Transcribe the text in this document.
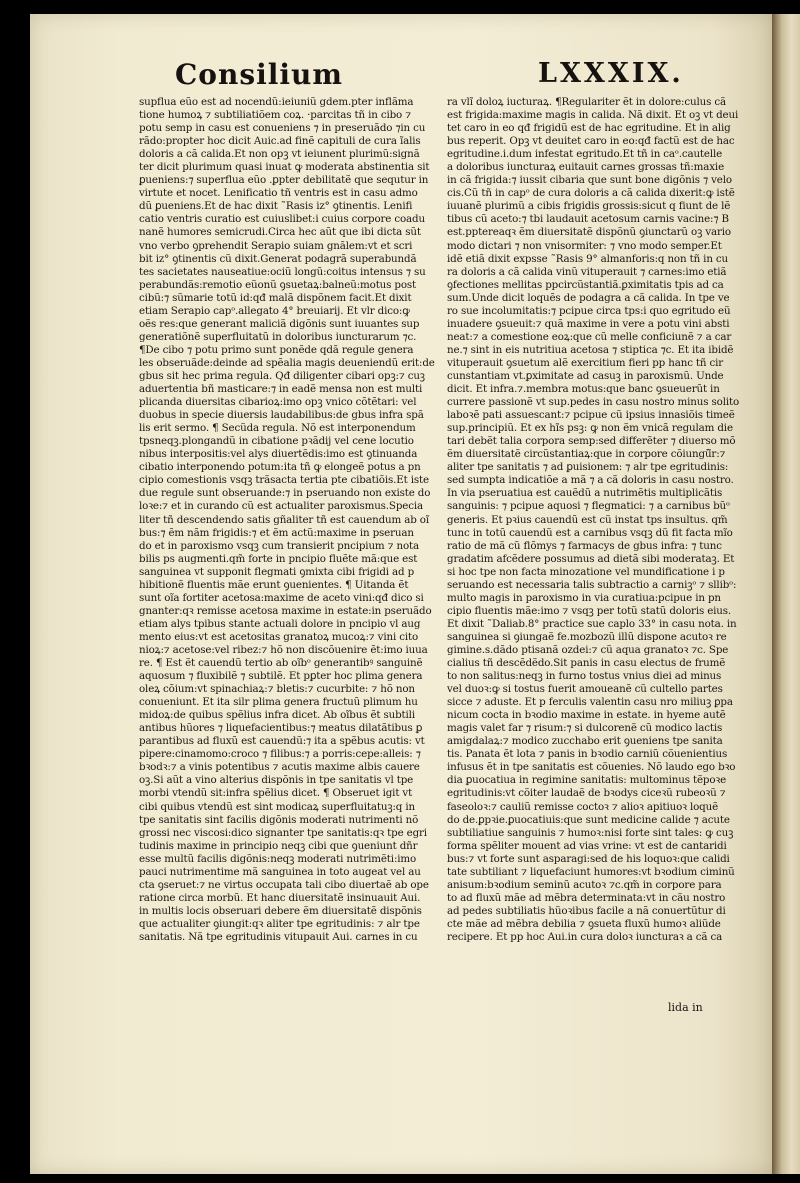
Consilium	LXXXIX.
supflua eũo est ad nocendũ:ieiuniũ gdem.pter inflãma
tione humoꝝ ⁊ subtiliatiõem coꝝ. ·parcitas tñ in cibo ⁊
potu semp in casu est conueniens ⁊ in preseruãdo ⁊in cu
rãdo:propter hoc dicit Auic.ad finẽ capituli de cura ĩalis
doloris a cã calida.Et non opꝫ vt ieiunent plurimũ:signã
ter dicit plurimum quasi inuat ꝙ moderata abstinentia sit
ꝑueniens:⁊ superflua eũo .ꝑpter debilitatẽ que sequtur in
virtute et nocet. Lenificatio tñ ventris est in casu admo
dũ ꝑueniens.Et de hac dixit ˜Rasis iz° ꝯtinentis. Lenifi
catio ventris curatio est cuiuslibet:i cuius corpore coadu
nanẽ humores semicrudi.Circa hec aũt que ibi dicta sũt
vno verbo ꝯprehendit Serapio suiam gnãlem:vt et scri
bit iz° ꝯtinentis cũ dixit.Generat podagrã superabundã
tes sacietates nauseatiue:ociũ longũ:coitus intensus ⁊ su
perabundãs:remotio eũonũ ꝯsuetaꝝ:balneũ:motus post
cibũ:⁊ sũmarie totũ id:qđ malã dispõnem facit.Et dixit
etiam Serapio capᵒ.allegato 4° breuiarij. Et vlr dico:ꝙ
oẽs res:que generant maliciã digõnis sunt iuuantes sup
generatiõnẽ superfluitatũ in doloribus iuncturarum ⁊c.
¶De cibo ⁊ potu primo sunt ponẽde qdã regule genera
les obseruãde:deinde ad spẽalia magis deueniendũ erit:de
gbus sit hec prima regula. Qđ diligenter cibari opꝫ:⁊ cuꝫ
aduertentia bñ masticare:⁊ in eadẽ mensa non est multi
plicanda diuersitas cibarioꝝ:imo opꝫ vnico cõtẽtari: vel
duobus in specie diuersis laudabilibus:de gbus infra spã
lis erit sermo. ¶ Secũda regula. Nõ est interponendum
tpsneqꝫ.plongandũ in cibatione pꝛãdij vel cene locutio
nibus interpositis:vel alys diuertẽdis:imo est ꝯtinuanda
cibatio interponendo potum:ita tñ ꝙ elongeẽ potus a pn
cipio comestionis vsqꝫ trãsacta tertia pte cibatiõis.Et iste
due regule sunt obseruande:⁊ in pseruando non existe do
loꝛe:⁊ et in curando cũ est actualiter paroxismus.Specia
liter tñ descendendo satis gñaliter tñ est cauendum ab oĩ
bus:⁊ ẽm nãm frigidis:⁊ et ẽm actũ:maxime in pseruan
do et in paroxismo vsqꝫ cum transierit pncipium ⁊ nota
bilis ps augmenti.qm̃ forte in pncipio fluẽte mã:que est
sanguinea vt supponit flegmati ꝯmixta cibi frigidi ad p
hibitionẽ fluentis mãe erunt ꝯuenientes. ¶ Uitanda ẽt
sunt oĩa fortiter acetosa:maxime de aceto vini:qđ dico si
gnanter:qꝛ remisse acetosa maxime in estate:in pseruãdo
etiam alys tpibus stante actuali dolore in pncipio vl aug
mento eius:vt est acetositas granatoꝝ mucoꝝ:⁊ vini cito
nioꝝ:⁊ acetose:vel ribez:⁊ hõ non discõuenire ẽt:imo iuua
re. ¶ Est ẽt cauendũ tertio ab oĩbᵒ generantibꝰ sanguinẽ
aquosum ⁊ fluxibilẽ ⁊ subtilẽ. Et pꝑter hoc plima genera
oleꝝ cõium:vt spinachiaꝝ:⁊ bletis:⁊ cucurbite: ⁊ hõ non
conueniunt. Et ita silr plima genera fructuũ plimum hu
midoꝝ:de quibus spẽlius infra dicet. Ab oĩbus ẽt subtili
antibus hũores ⁊ liquefacientibus:⁊ meatus dilatãtibus ꝑ
parantibus ad fluxũ est cauendũ:⁊ ita a spẽbus acutis: vt
pipere:cinamomo:croco ⁊ filibus:⁊ a porris:cepe:alleis: ⁊
bꝛodꝛ:⁊ a vinis potentibus ⁊ acutis maxime albis cauere
oꝫ.Si aũt a vino alterius dispõnis in tpe sanitatis vl tpe
morbi vtendũ sit:infra spẽlius dicet. ¶ Obseruet igit vt
cibi quibus vtendũ est sint modicaꝝ superfluitatuꝫ:q in
tpe sanitatis sint facilis digõnis moderati nutrimenti nõ
grossi nec viscosi:dico signanter tpe sanitatis:qꝛ tpe egri
tudinis maxime in principio neqꝫ cibi que ꝯueniunt dñr
esse multũ facilis digõnis:neqꝫ moderati nutrimẽti:imo
pauci nutrimentime mã sanguinea in toto augeat vel au
cta ꝯseruet:⁊ ne virtus occupata tali cibo diuertaẽ ab ope
ratione circa morbũ. Et hanc diuersitatẽ insinuauit Aui.
in multis locis obseruari debere ẽm diuersitatẽ dispõnis
que actualiter ꝯiungit:qꝛ aliter tpe egritudinis: ⁊ alr tpe
sanitatis. Nã tpe egritudinis vitupauit Aui. carnes in cu
ra vlĩ doloꝝ iucturaꝝ. ¶Regulariter ẽt in dolore:culus cã
est frigida:maxime magis in calida. Nã dixit. Et oꝫ vt deui
tet caro in eo qđ frigidũ est de hac egritudine. Et in alig
bus reperit. Opꝫ vt deuitet caro in eo:qđ factũ est de hac
egritudine.i.dum infestat egritudo.Et tñ in caᵒ.cautelle
a doloribus iuncturaꝝ euitauit carnes grossas tñ:maxie
in cã frigida:⁊ iussit cibaria que sunt bone digõnis ⁊ velo
cis.Cũ tñ in capᵒ de cura doloris a cã calida dixerit:ꝙ istẽ
iuuanẽ plurimũ a cibis frigidis grossis:sicut q fiunt de lẽ
tibus cũ aceto:⁊ tbi laudauit acetosum carnis vacine:⁊ B
est.pptereaqꝛ ẽm diuersitatẽ dispõnũ ꝯiunctarũ oꝫ vario
modo dictari ⁊ non vnisormiter: ⁊ vno modo semper.Et
idẽ etiã dixit expsse ˜Rasis 9° almanforis:q non tñ in cu
ra doloris a cã calida vinũ vituperauit ⁊ carnes:imo etiã
ꝯfectiones mellitas ppcircũstantiã.ꝑximitatis tpis ad ca
sum.Unde dicit loquẽs de podagra a cã calida. In tpe ve
ro sue incolumitatis:⁊ pcipue circa tps:i quo egritudo eũ
inuadere ꝯsueuit:⁊ quã maxime in vere a potu vini absti
neat:⁊ a comestione eoꝝ:que cũ melle conficiunẽ ⁊ a car
ne.⁊ sint in eis nutritiua acetosa ⁊ stiptica ⁊c. Et ita ibidẽ
vituperauit ꝯsuetum alẽ exercitium fieri pp hanc tñ cir
cunstantiam vt.ꝑximitate ad casuꝫ in paroxismũ. Unde
dicit. Et infra.⁊.membra motus:que banc ꝯsueuerũt in
currere passionẽ vt sup.pedes in casu nostro minus solito
laboꝛẽ pati assuescant:⁊ pcipue cũ ipsius innasiõis timeẽ
sup.principiũ. Et ex hĩs psꝫ: ꝙ non ẽm vnicã regulam die
tari debẽt talia corpora semp:sed differẽter ⁊ diuerso mõ
ẽm diuersitatẽ circũstantiaꝝ:que in corpore cõiungũ̃r:⁊
aliter tpe sanitatis ⁊ ad ꝑuisionem: ⁊ alr tpe egritudinis:
sed sumpta indicatiõe a mã ⁊ a cã doloris in casu nostro.
In via pseruatiua est cauẽdũ a nutrimẽtis multiplicãtis
sanguinis: ⁊ pcipue aquosi ⁊ flegmatici: ⁊ a carnibus bũᵒ
generis. Et pꝛius cauendũ est cũ instat tps insultus. qm̃
tunc in totũ cauendũ est a carnibus vsqꝫ dũ fit facta mĩo
ratio de mã cũ flõmys ⁊ farmacys de gbus infra: ⁊ tunc
gradatim afcẽdere possumus ad dietã sibi moderataꝫ. Et
si hoc tpe non facta minozatione vel mundificatione i p
seruando est necessaria talis subtractio a carniꝫᵒ ⁊ sllibᵒ:
multo magis in paroxismo in via curatiua:pcipue in pn
cipio fluentis mãe:imo ⁊ vsqꝫ per totũ statũ doloris eius.
Et dixit ˜Daliab.8° practice sue caplo 33° in casu nota. in
sanguinea si ꝯiungaẽ fe.mozbozũ illũ dispone acutoꝛ re
gimine.s.dãdo ptisanã ozdei:⁊ cũ aqua granatoꝛ ⁊c. Spe
cialius tñ descẽdẽdo.Sit panis in casu electus de frumẽ
to non salitus:neqꝫ in furno tostus vnius diei ad minus
vel duoꝛ:ꝙ si tostus fuerit amoueanẽ cũ cultello partes
sicce ⁊ aduste. Et p ferculis valentin casu nro miliuꝫ ꝑpa
nicum cocta in bꝛodio maxime in estate. in hyeme autẽ
magis valet far ⁊ risum:⁊ si dulcorenẽ cũ modico lactis
amigdalaꝝ:⁊ modico zucchabo erit ꝯueniens tpe sanita
tis. Panata ẽt lota ⁊ panis in bꝛodio carniũ cõuenientius
infusus ẽt in tpe sanitatis est cõuenies. Nõ laudo ego bꝛo
dia ꝑuocatiua in regimine sanitatis: multominus tẽpoꝛe
egritudinis:vt cõiter laudaẽ de bꝛodys ciceꝛũ rubeoꝛũ ⁊
faseoloꝛ:⁊ cauliũ remisse coctoꝛ ⁊ alioꝛ apitiuoꝛ loquẽ
do de.ꝑpꝛie.ꝑuocatiuis:que sunt medicine calide ⁊ acute
subtiliatiue sanguinis ⁊ humoꝛ:nisi forte sint tales: ꝙ cuꝫ
forma spẽliter mouent ad vias vrine: vt est de cantaridi
bus:⁊ vt forte sunt asparagi:sed de his loquoꝛ:que calidi
tate subtiliant ⁊ liquefaciunt humores:vt bꝛodium ciminũ
anisum:bꝛodium seminũ acutoꝛ ⁊c.qm̃ in corpore para
to ad fluxũ mãe ad mẽbra determinata:vt in cãu nostro
ad pedes subtiliatis hũoꝛibus facile a nã conuertũtur di
cte mãe ad mẽbra debilia ⁊ ꝯsueta fluxũ humoꝛ aliũde
recipere. Et pp hoc Aui.in cura doloꝛ iuncturaꝛ a cã ca
lida in
